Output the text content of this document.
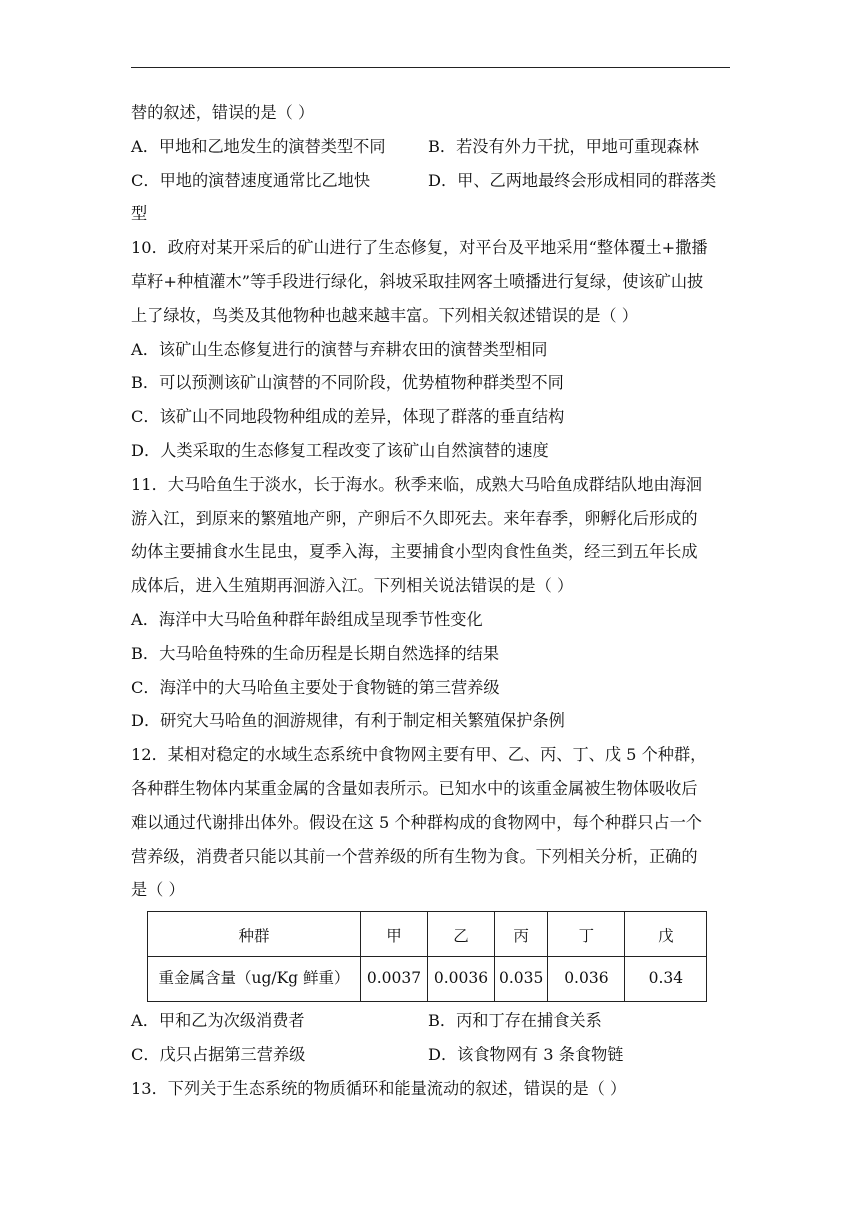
替的叙述，错误的是（ ）
A．甲地和乙地发生的演替类型不同	B．若没有外力干扰，甲地可重现森林
C．甲地的演替速度通常比乙地快	D．甲、乙两地最终会形成相同的群落类
型
10．政府对某开采后的矿山进行了生态修复，对平台及平地采用“整体覆土+撒播
草籽+种植灌木”等手段进行绿化，斜坡采取挂网客土喷播进行复绿，使该矿山披
上了绿妆，鸟类及其他物种也越来越丰富。下列相关叙述错误的是（ ）
A．该矿山生态修复进行的演替与弃耕农田的演替类型相同
B．可以预测该矿山演替的不同阶段，优势植物种群类型不同
C．该矿山不同地段物种组成的差异，体现了群落的垂直结构
D．人类采取的生态修复工程改变了该矿山自然演替的速度
11．大马哈鱼生于淡水，长于海水。秋季来临，成熟大马哈鱼成群结队地由海洄
游入江，到原来的繁殖地产卵，产卵后不久即死去。来年春季，卵孵化后形成的
幼体主要捕食水生昆虫，夏季入海，主要捕食小型肉食性鱼类，经三到五年长成
成体后，进入生殖期再洄游入江。下列相关说法错误的是（ ）
A．海洋中大马哈鱼种群年龄组成呈现季节性变化
B．大马哈鱼特殊的生命历程是长期自然选择的结果
C．海洋中的大马哈鱼主要处于食物链的第三营养级
D．研究大马哈鱼的洄游规律，有利于制定相关繁殖保护条例
12．某相对稳定的水域生态系统中食物网主要有甲、乙、丙、丁、戊 5 个种群，
各种群生物体内某重金属的含量如表所示。已知水中的该重金属被生物体吸收后
难以通过代谢排出体外。假设在这 5 个种群构成的食物网中，每个种群只占一个
营养级，消费者只能以其前一个营养级的所有生物为食。下列相关分析，正确的
是（ ）
种群	甲	乙	丙	丁	戊
重金属含量（ug/Kg 鲜重）	0.0037	0.0036	0.035	0.036	0.34
A．甲和乙为次级消费者	B．丙和丁存在捕食关系
C．戊只占据第三营养级	D．该食物网有 3 条食物链
13．下列关于生态系统的物质循环和能量流动的叙述，错误的是（ ）
